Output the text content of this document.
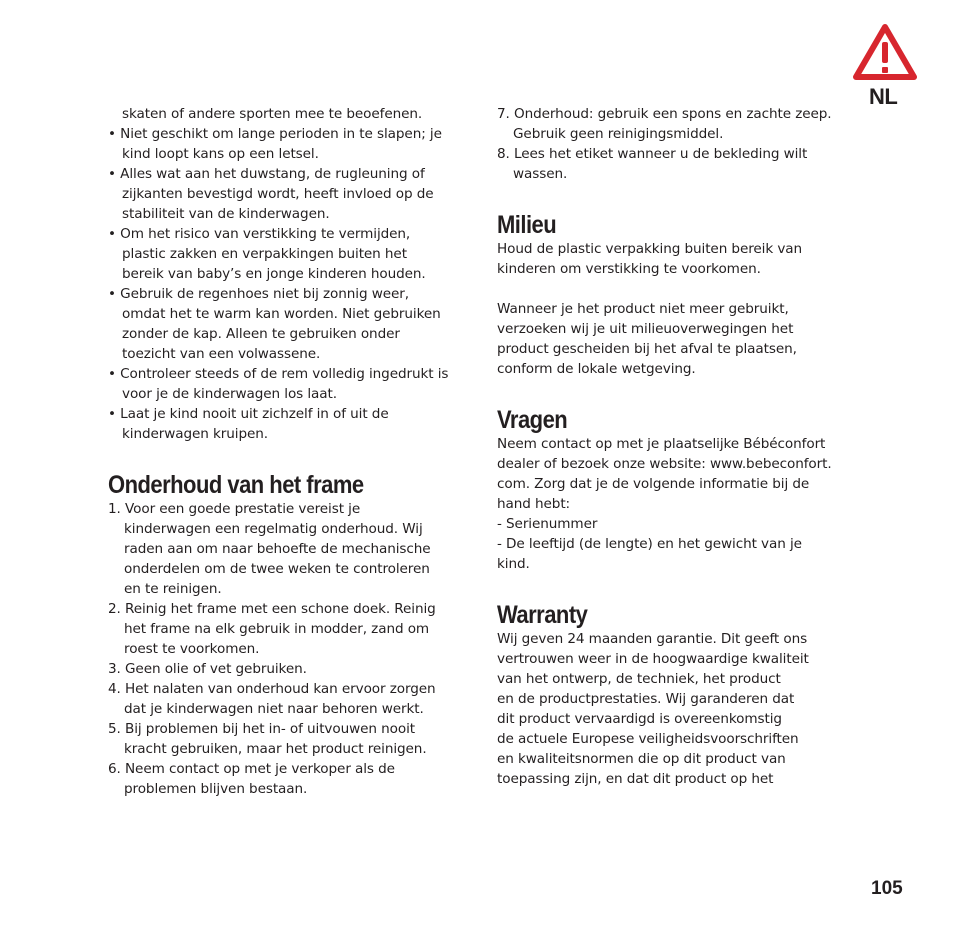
NL
skaten of andere sporten mee te beoefenen.
• Niet geschikt om lange perioden in te slapen; je
kind loopt kans op een letsel.
• Alles wat aan het duwstang, de rugleuning of
zijkanten bevestigd wordt, heeft invloed op de
stabiliteit van de kinderwagen.
• Om het risico van verstikking te vermijden,
plastic zakken en verpakkingen buiten het
bereik van baby’s en jonge kinderen houden.
• Gebruik de regenhoes niet bij zonnig weer,
omdat het te warm kan worden. Niet gebruiken
zonder de kap. Alleen te gebruiken onder
toezicht van een volwassene.
• Controleer steeds of de rem volledig ingedrukt is
voor je de kinderwagen los laat.
• Laat je kind nooit uit zichzelf in of uit de
kinderwagen kruipen.
Onderhoud van het frame
1. Voor een goede prestatie vereist je
kinderwagen een regelmatig onderhoud. Wij
raden aan om naar behoefte de mechanische
onderdelen om de twee weken te controleren
en te reinigen.
2. Reinig het frame met een schone doek. Reinig
het frame na elk gebruik in modder, zand om
roest te voorkomen.
3. Geen olie of vet gebruiken.
4. Het nalaten van onderhoud kan ervoor zorgen
dat je kinderwagen niet naar behoren werkt.
5. Bij problemen bij het in- of uitvouwen nooit
kracht gebruiken, maar het product reinigen.
6. Neem contact op met je verkoper als de
problemen blijven bestaan.
7. Onderhoud: gebruik een spons en zachte zeep.
Gebruik geen reinigingsmiddel.
8. Lees het etiket wanneer u de bekleding wilt
wassen.
Milieu
Houd de plastic verpakking buiten bereik van
kinderen om verstikking te voorkomen.
Wanneer je het product niet meer gebruikt,
verzoeken wij je uit milieuoverwegingen het
product gescheiden bij het afval te plaatsen,
conform de lokale wetgeving.
Vragen
Neem contact op met je plaatselijke Bébéconfort
dealer of bezoek onze website: www.bebeconfort.
com. Zorg dat je de volgende informatie bij de
hand hebt:
- Serienummer
- De leeftijd (de lengte) en het gewicht van je
kind.
Warranty
Wij geven 24 maanden garantie. Dit geeft ons
vertrouwen weer in de hoogwaardige kwaliteit
van het ontwerp, de techniek, het product
en de productprestaties. Wij garanderen dat
dit product vervaardigd is overeenkomstig
de actuele Europese veiligheidsvoorschriften
en kwaliteitsnormen die op dit product van
toepassing zijn, en dat dit product op het
105
